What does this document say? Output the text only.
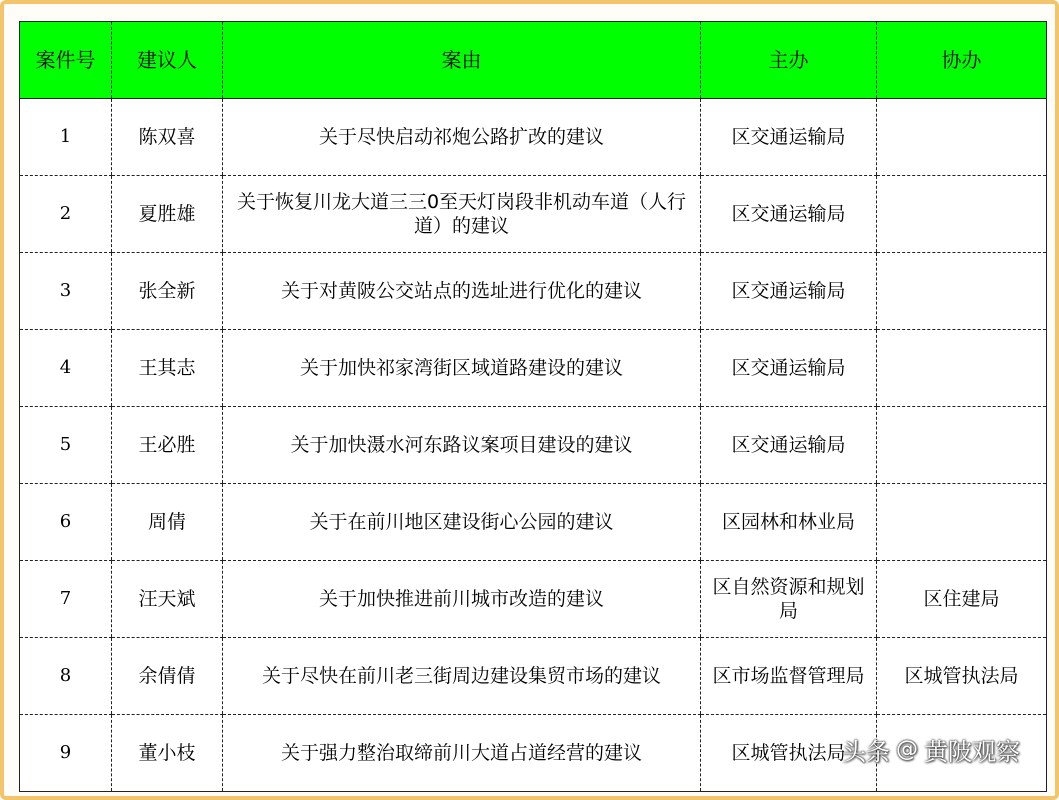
案件号	建议人	案由	主办	协办
1	陈双喜	关于尽快启动祁炮公路扩改的建议	区交通运输局	
2	夏胜雄	关于恢复川龙大道三三0至天灯岗段非机动车道（人行道）的建议	区交通运输局	
3	张全新	关于对黄陂公交站点的选址进行优化的建议	区交通运输局	
4	王其志	关于加快祁家湾街区域道路建设的建议	区交通运输局	
5	王必胜	关于加快滠水河东路议案项目建设的建议	区交通运输局	
6	周倩	关于在前川地区建设街心公园的建议	区园林和林业局	
7	汪天斌	关于加快推进前川城市改造的建议	区自然资源和规划局	区住建局
8	余倩倩	关于尽快在前川老三街周边建设集贸市场的建议	区市场监督管理局	区城管执法局
9	董小枝	关于强力整治取缔前川大道占道经营的建议	区城管执法局	
头条 @ 黄陂观察
